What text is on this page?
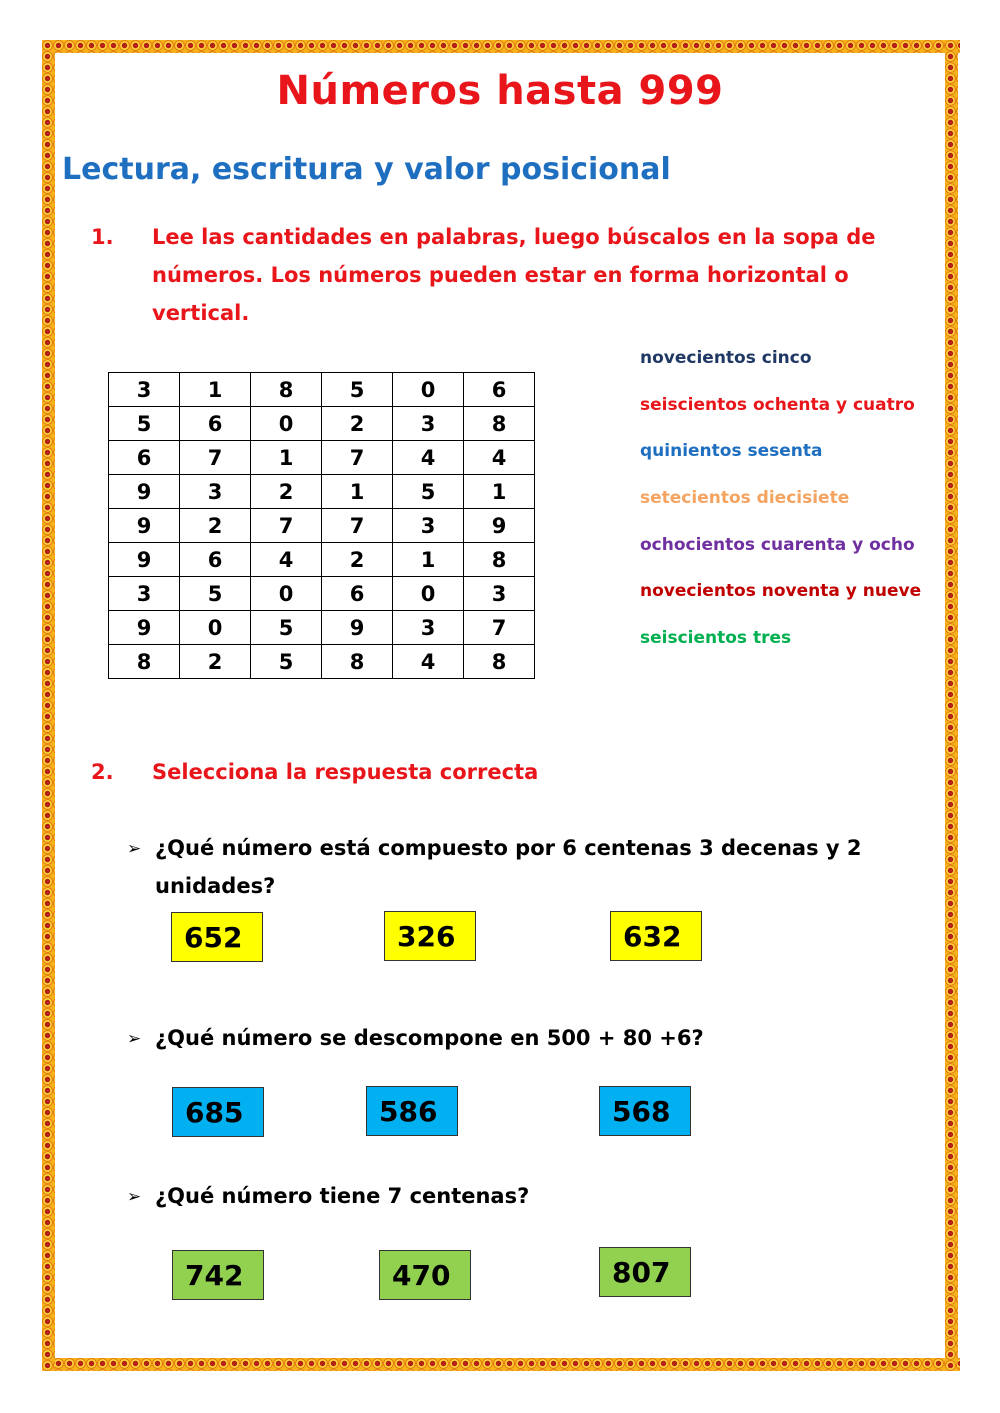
Números hasta 999
Lectura, escritura y valor posicional
1. Lee las cantidades en palabras, luego búscalos en la sopa de números. Los números pueden estar en forma horizontal o vertical.

3	1	8	5	0	6
5	6	0	2	3	8
6	7	1	7	4	4
9	3	2	1	5	1
9	2	7	7	3	9
9	6	4	2	1	8
3	5	0	6	0	3
9	0	5	9	3	7
8	2	5	8	4	8
novecientos cinco
seiscientos ochenta y cuatro
quinientos sesenta
setecientos diecisiete
ochocientos cuarenta y ocho
novecientos noventa y nueve
seiscientos tres
2. Selecciona la respuesta correcta

➢ ¿Qué número está compuesto por 6 centenas 3 decenas y 2 unidades?

652	326	632
➢ ¿Qué número se descompone en 500 + 80 +6?

685	586	568
➢ ¿Qué número tiene 7 centenas?

742	470	807
